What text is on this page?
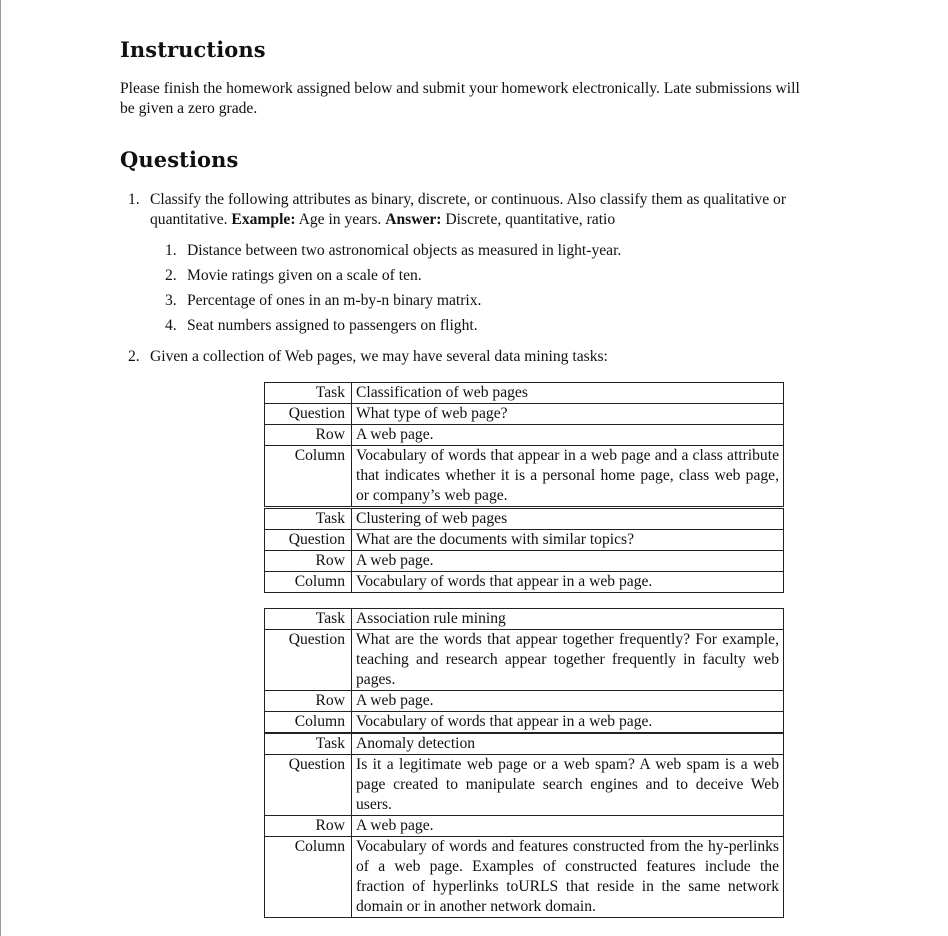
Instructions

Please finish the homework assigned below and submit your homework electronically. Late submissions will
be given a zero grade.

Questions
1. Classify the following attributes as binary, discrete, or continuous. Also classify them as qualitative or
quantitative. Example: Age in years. Answer: Discrete, quantitative, ratio
1. Distance between two astronomical objects as measured in light-year.
2. Movie ratings given on a scale of ten.
3. Percentage of ones in an m-by-n binary matrix.
4. Seat numbers assigned to passengers on flight.
2. Given a collection of Web pages, we may have several data mining tasks:
Task	Classification of web pages
Question	What type of web page?
Row	A web page.
Column	Vocabulary of words that appear in a web page and a class attribute that indicates whether it is a personal home page, class web page, or company’s web page.
Task	Clustering of web pages
Question	What are the documents with similar topics?
Row	A web page.
Column	Vocabulary of words that appear in a web page.
Task	Association rule mining
Question	What are the words that appear together frequently? For example, teaching and research appear together frequently in faculty web pages.
Row	A web page.
Column	Vocabulary of words that appear in a web page.
Task	Anomaly detection
Question	Is it a legitimate web page or a web spam? A web spam is a web page created to manipulate search engines and to deceive Web users.
Row	A web page.
Column	Vocabulary of words and features constructed from the hy-perlinks of a web page. Examples of constructed features include the fraction of hyperlinks toURLS that reside in the same network domain or in another network domain.
